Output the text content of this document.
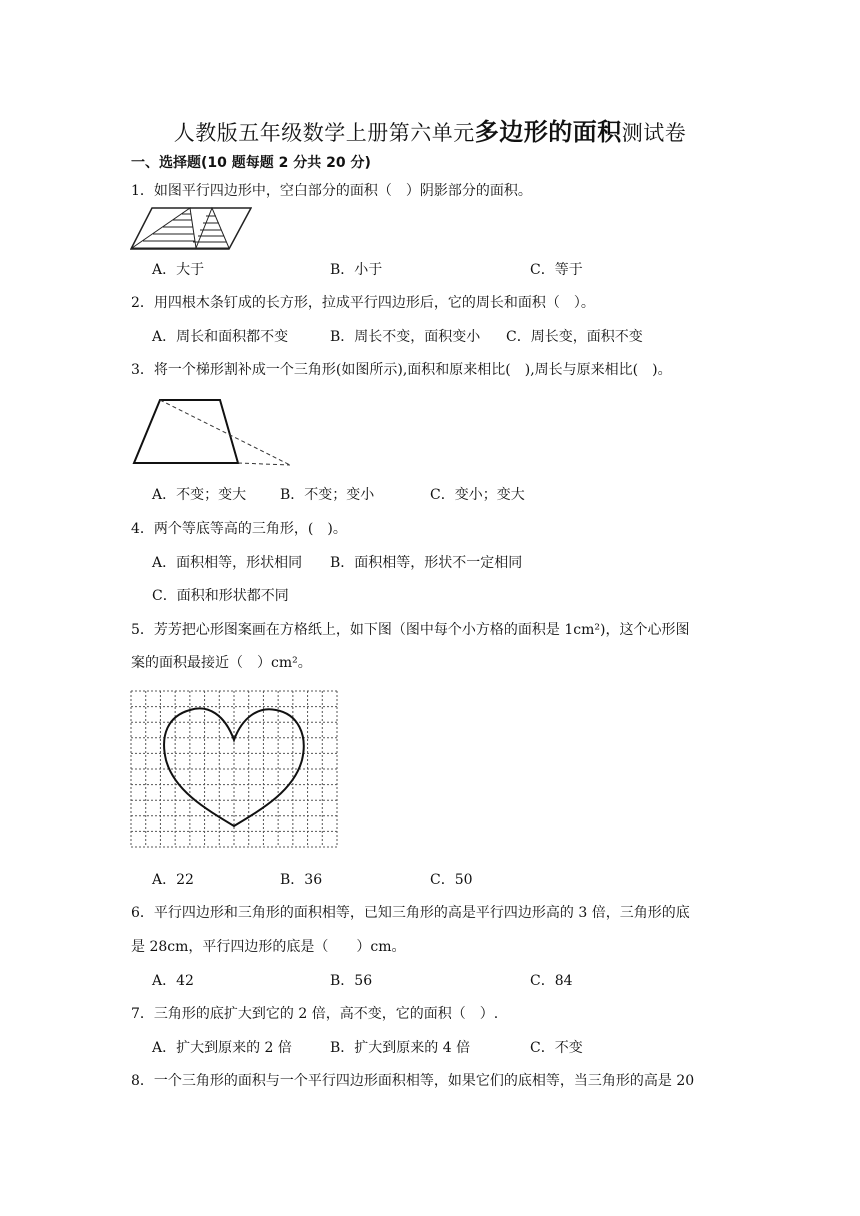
人教版五年级数学上册第六单元多边形的面积测试卷
一、选择题(10 题每题 2 分共 20 分)
1．如图平行四边形中，空白部分的面积（　）阴影部分的面积。
A．大于	B．小于	C．等于
2．用四根木条钉成的长方形，拉成平行四边形后，它的周长和面积（　）。
A．周长和面积都不变	B．周长不变，面积变小 C．周长变，面积不变
3．将一个梯形割补成一个三角形(如图所示),面积和原来相比(　),周长与原来相比(　)。
A．不变；变大 B．不变；变小	C．变小；变大
4．两个等底等高的三角形，(　)。
A．面积相等，形状相同 B．面积相等，形状不一定相同
C．面积和形状都不同
5．芳芳把心形图案画在方格纸上，如下图（图中每个小方格的面积是 1cm²)，这个心形图
案的面积最接近（　）cm²。
A．22	B．36	C．50
6．平行四边形和三角形的面积相等，已知三角形的高是平行四边形高的 3 倍，三角形的底
是 28cm，平行四边形的底是（　　）cm。
A．42	B．56	C．84
7．三角形的底扩大到它的 2 倍，高不变，它的面积（　）.
A．扩大到原来的 2 倍	B．扩大到原来的 4 倍	C．不变
8．一个三角形的面积与一个平行四边形面积相等，如果它们的底相等，当三角形的高是 20
